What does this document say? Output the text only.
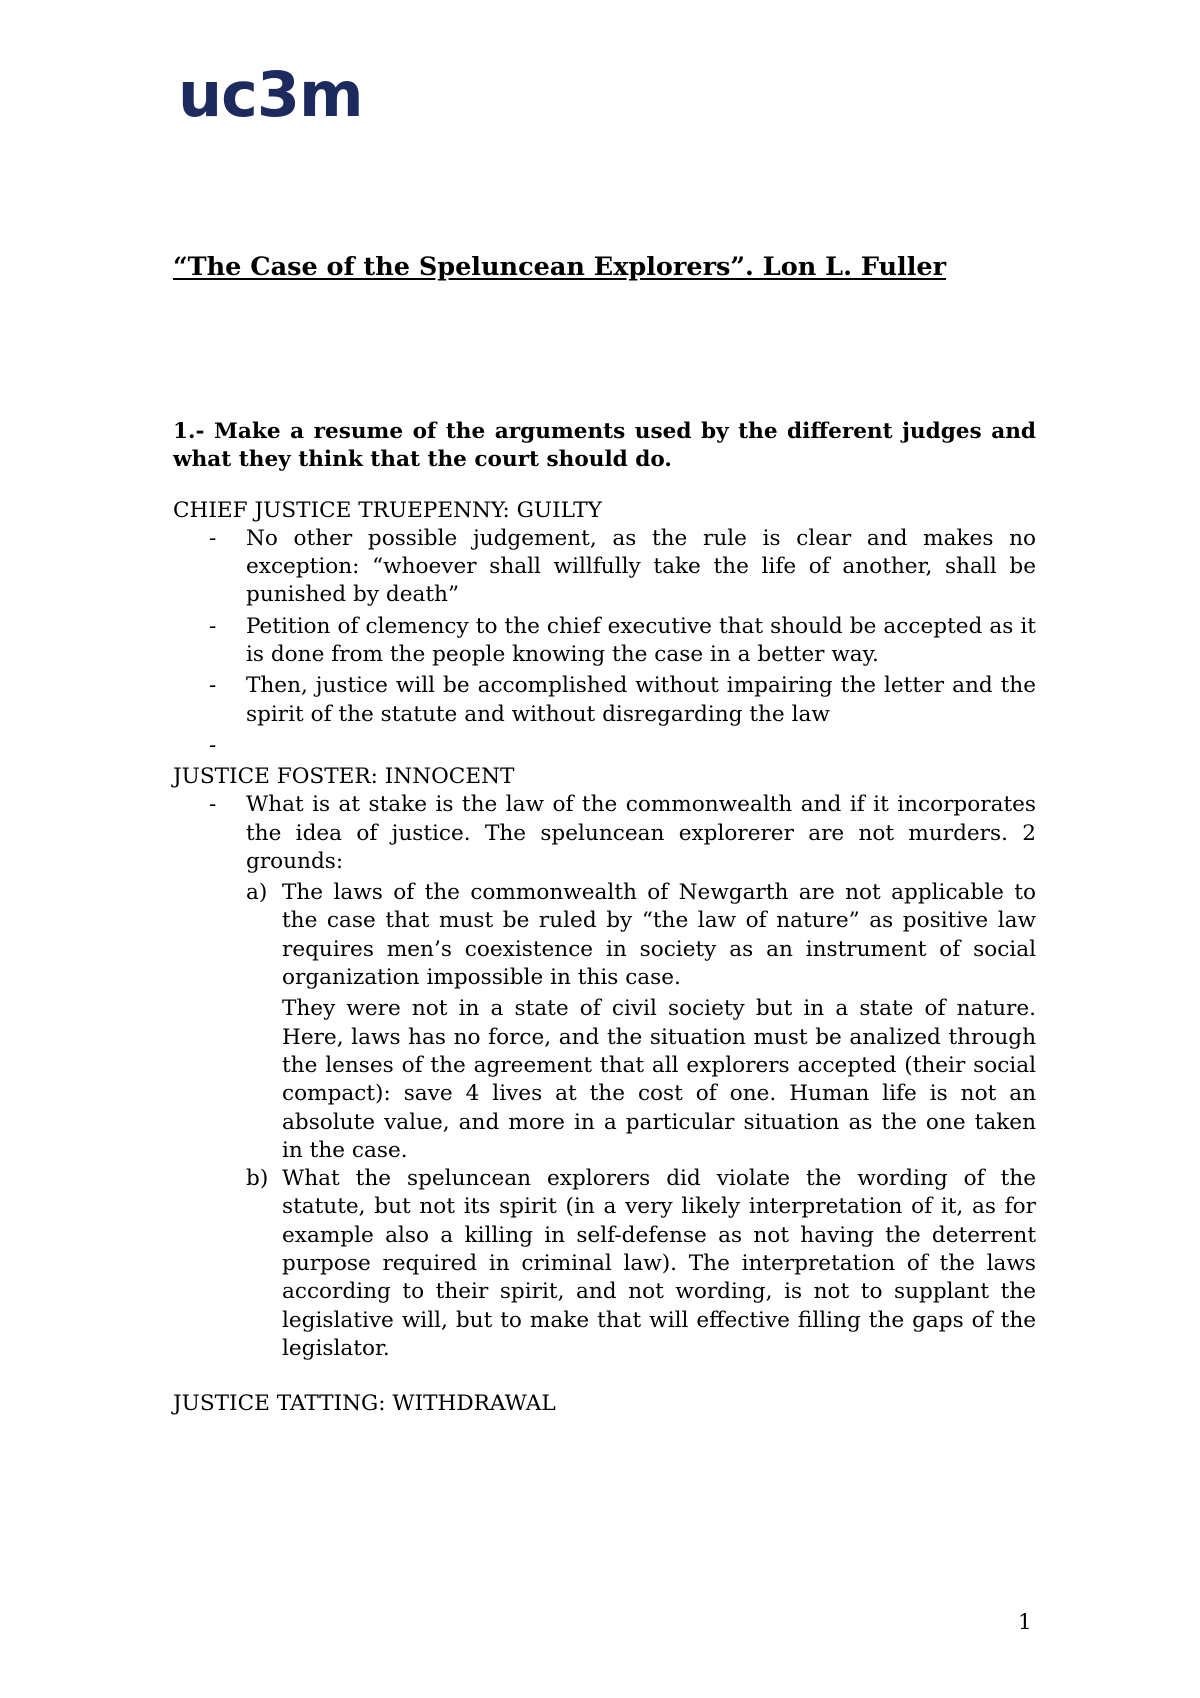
uc3m
“The Case of the Speluncean Explorers”. Lon L. Fuller

1.- Make a resume of the arguments used by the different judges and what they think that the court should do.

CHIEF JUSTICE TRUEPENNY: GUILTY

- No other possible judgement, as the rule is clear and makes no exception: “whoever shall willfully take the life of another, shall be punished by death”
- Petition of clemency to the chief executive that should be accepted as it is done from the people knowing the case in a better way.
- Then, justice will be accomplished without impairing the letter and the spirit of the statute and without disregarding the law
-

JUSTICE FOSTER: INNOCENT

- What is at stake is the law of the commonwealth and if it incorporates the idea of justice. The speluncean explorerer are not murders. 2 grounds:
a) The laws of the commonwealth of Newgarth are not applicable to the case that must be ruled by “the law of nature” as positive law requires men’s coexistence in society as an instrument of social organization impossible in this case.

They were not in a state of civil society but in a state of nature. Here, laws has no force, and the situation must be analized through the lenses of the agreement that all explorers accepted (their social compact): save 4 lives at the cost of one. Human life is not an absolute value, and more in a particular situation as the one taken in the case.

b) What the speluncean explorers did violate the wording of the statute, but not its spirit (in a very likely interpretation of it, as for example also a killing in self-defense as not having the deterrent purpose required in criminal law). The interpretation of the laws according to their spirit, and not wording, is not to supplant the legislative will, but to make that will effective filling the gaps of the legislator.

JUSTICE TATTING: WITHDRAWAL

1
